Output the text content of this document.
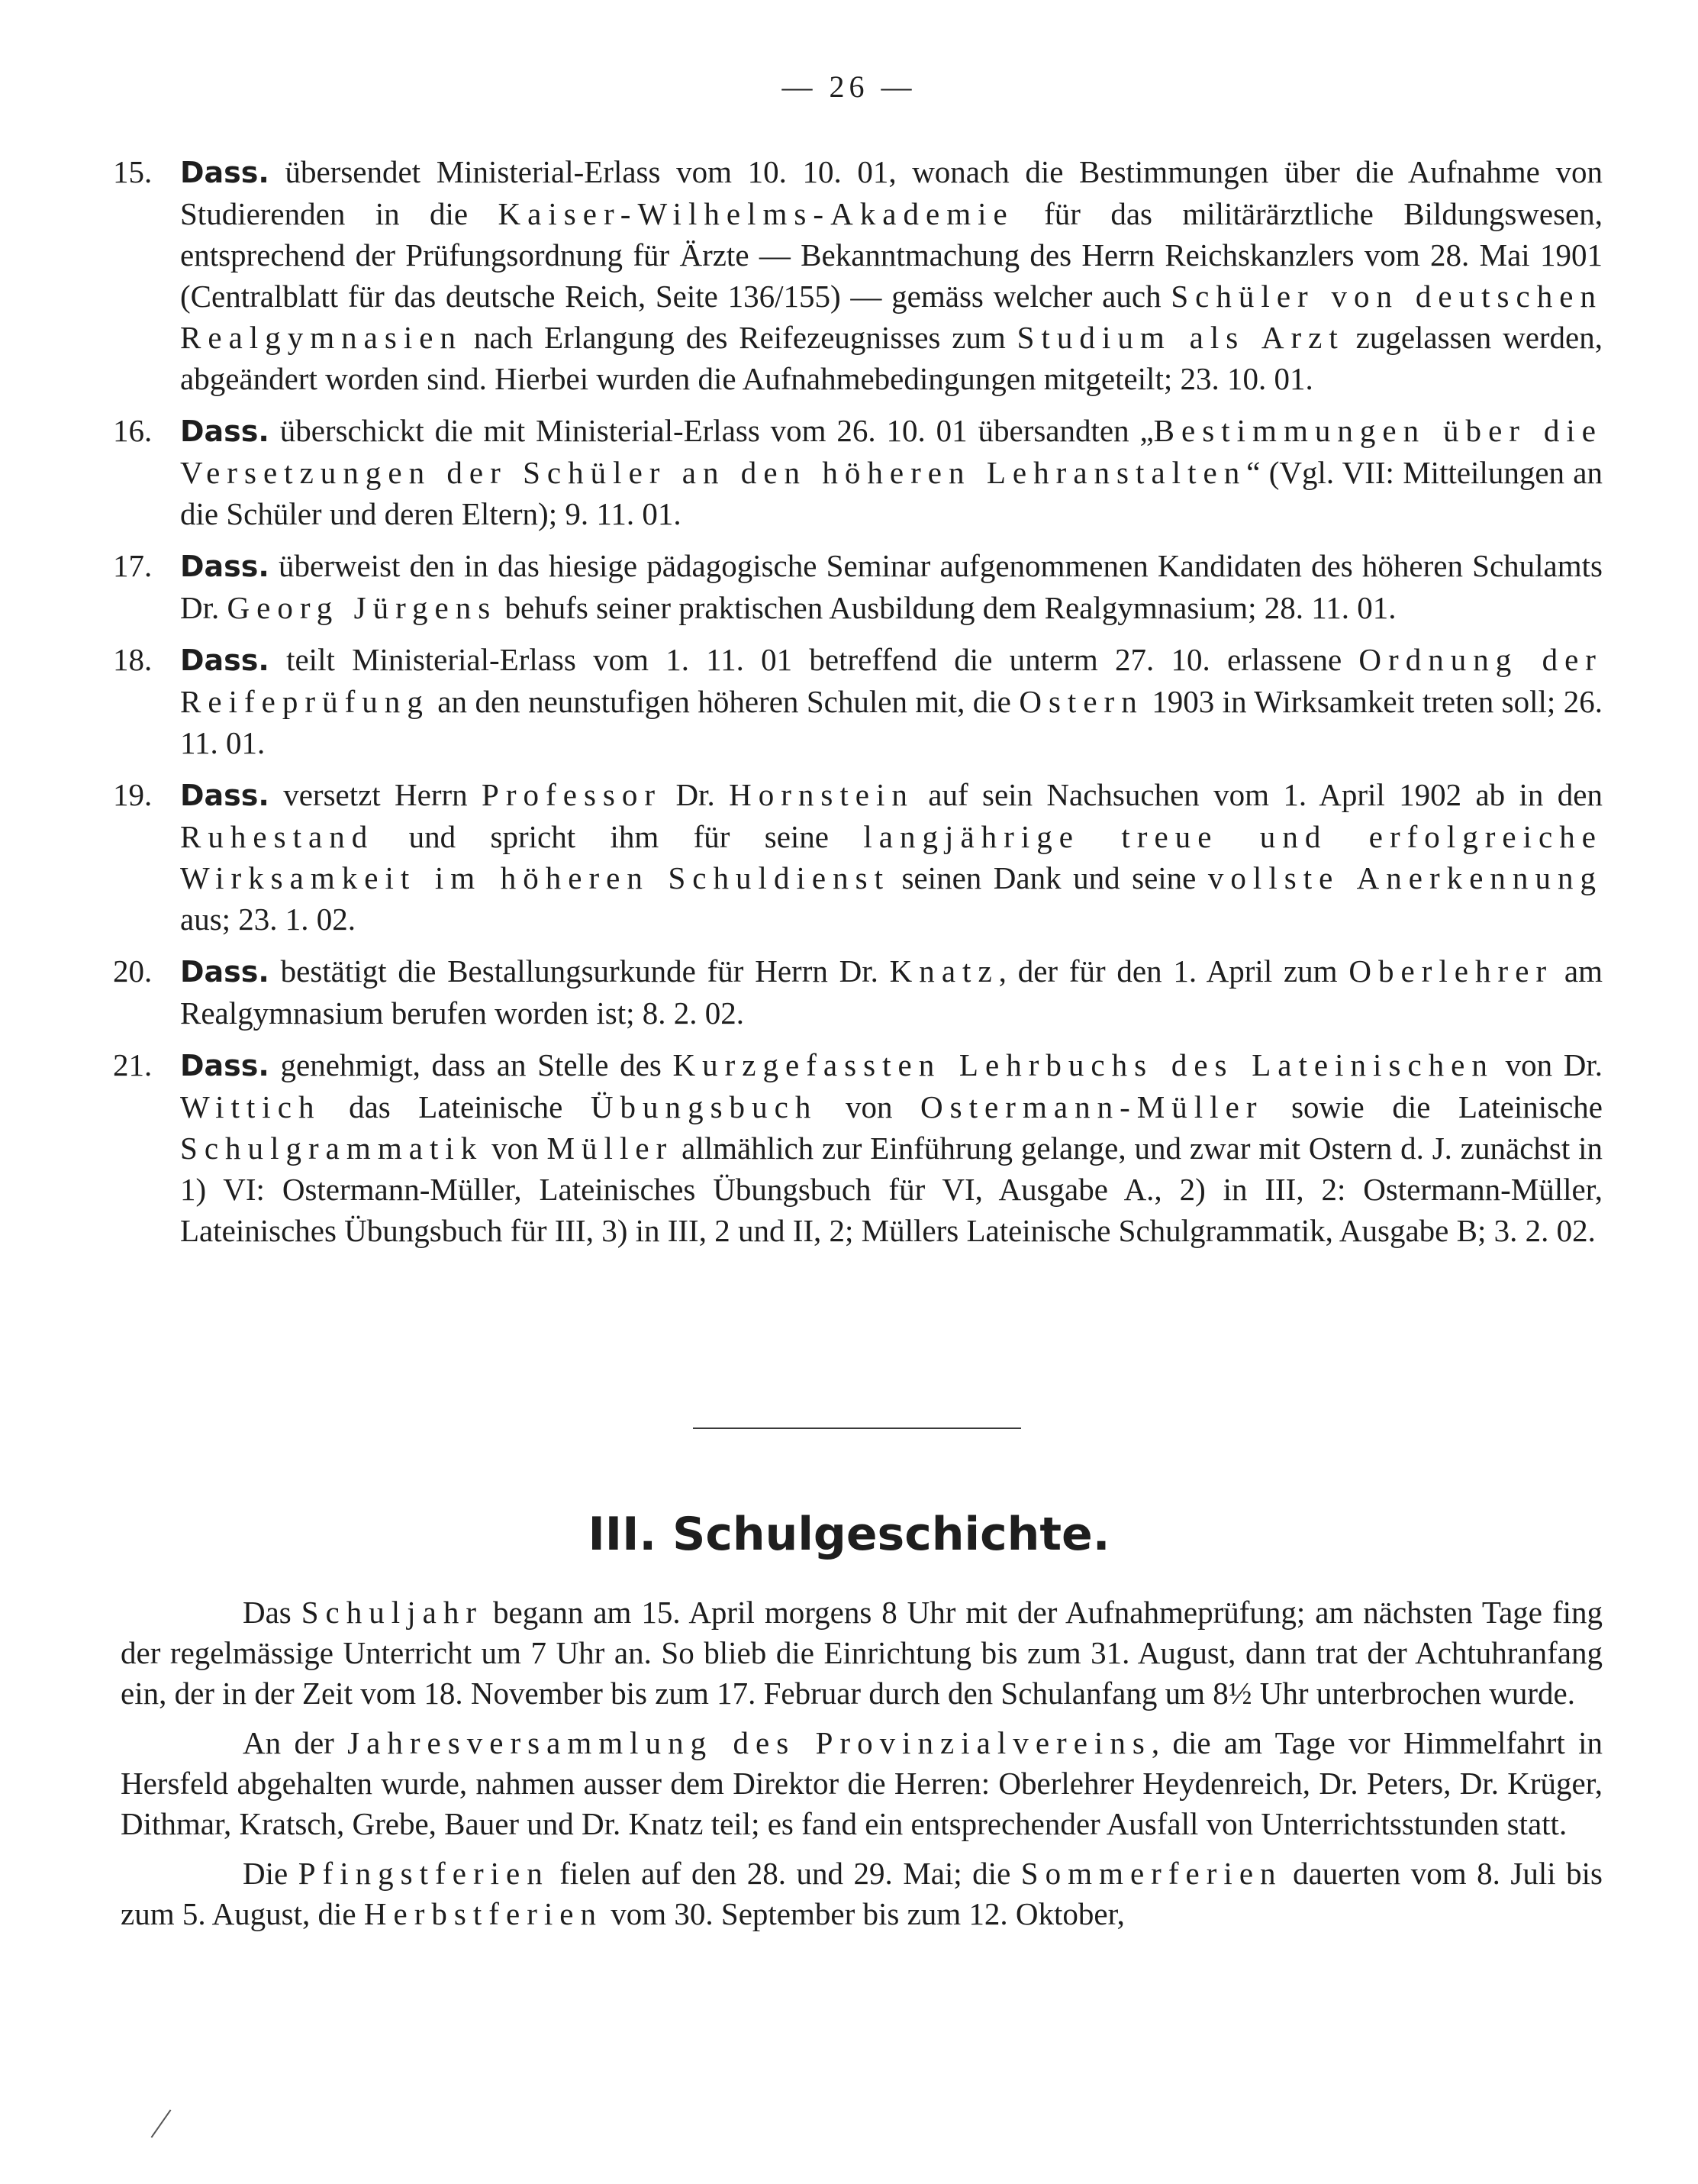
— 26 —
15. Dass. übersendet Ministerial-Erlass vom 10. 10. 01, wonach die Bestimmungen über die Aufnahme von Studierenden in die Kaiser-Wilhelms-Akademie für das militärärztliche Bildungswesen, entsprechend der Prüfungsordnung für Ärzte — Bekanntmachung des Herrn Reichskanzlers vom 28. Mai 1901 (Centralblatt für das deutsche Reich, Seite 136/155) — gemäss welcher auch Schüler von deutschen Realgymnasien nach Erlangung des Reifezeugnisses zum Studium als Arzt zugelassen werden, abgeändert worden sind. Hierbei wurden die Aufnahmebedingungen mitgeteilt; 23. 10. 01.
16. Dass. überschickt die mit Ministerial-Erlass vom 26. 10. 01 übersandten „Bestimmungen über die Versetzungen der Schüler an den höheren Lehranstalten“ (Vgl. VII: Mitteilungen an die Schüler und deren Eltern); 9. 11. 01.
17. Dass. überweist den in das hiesige pädagogische Seminar aufgenommenen Kandidaten des höheren Schulamts Dr. Georg Jürgens behufs seiner praktischen Ausbildung dem Realgymnasium; 28. 11. 01.
18. Dass. teilt Ministerial-Erlass vom 1. 11. 01 betreffend die unterm 27. 10. erlassene Ordnung der Reifeprüfung an den neunstufigen höheren Schulen mit, die Ostern 1903 in Wirksamkeit treten soll; 26. 11. 01.
19. Dass. versetzt Herrn Professor Dr. Hornstein auf sein Nachsuchen vom 1. April 1902 ab in den Ruhestand und spricht ihm für seine langjährige treue und erfolgreiche Wirksamkeit im höheren Schuldienst seinen Dank und seine vollste Anerkennung aus; 23. 1. 02.
20. Dass. bestätigt die Bestallungsurkunde für Herrn Dr. Knatz, der für den 1. April zum Oberlehrer am Realgymnasium berufen worden ist; 8. 2. 02.
21. Dass. genehmigt, dass an Stelle des Kurzgefassten Lehrbuchs des Lateinischen von Dr. Wittich das Lateinische Übungsbuch von Ostermann-Müller sowie die Lateinische Schulgrammatik von Müller allmählich zur Einführung gelange, und zwar mit Ostern d. J. zunächst in 1) VI: Ostermann-Müller, Lateinisches Übungsbuch für VI, Ausgabe A., 2) in III, 2: Ostermann-Müller, Lateinisches Übungsbuch für III, 3) in III, 2 und II, 2; Müllers Lateinische Schulgrammatik, Ausgabe B; 3. 2. 02.
III. Schulgeschichte.

Das Schuljahr begann am 15. April morgens 8 Uhr mit der Aufnahmeprüfung; am nächsten Tage fing der regelmässige Unterricht um 7 Uhr an. So blieb die Einrichtung bis zum 31. August, dann trat der Achtuhranfang ein, der in der Zeit vom 18. November bis zum 17. Februar durch den Schulanfang um 8½ Uhr unterbrochen wurde.

An der Jahresversammlung des Provinzialvereins, die am Tage vor Himmelfahrt in Hersfeld abgehalten wurde, nahmen ausser dem Direktor die Herren: Oberlehrer Heydenreich, Dr. Peters, Dr. Krüger, Dithmar, Kratsch, Grebe, Bauer und Dr. Knatz teil; es fand ein entsprechender Ausfall von Unterrichtsstunden statt.

Die Pfingstferien fielen auf den 28. und 29. Mai; die Sommerferien dauerten vom 8. Juli bis zum 5. August, die Herbstferien vom 30. September bis zum 12. Oktober,
